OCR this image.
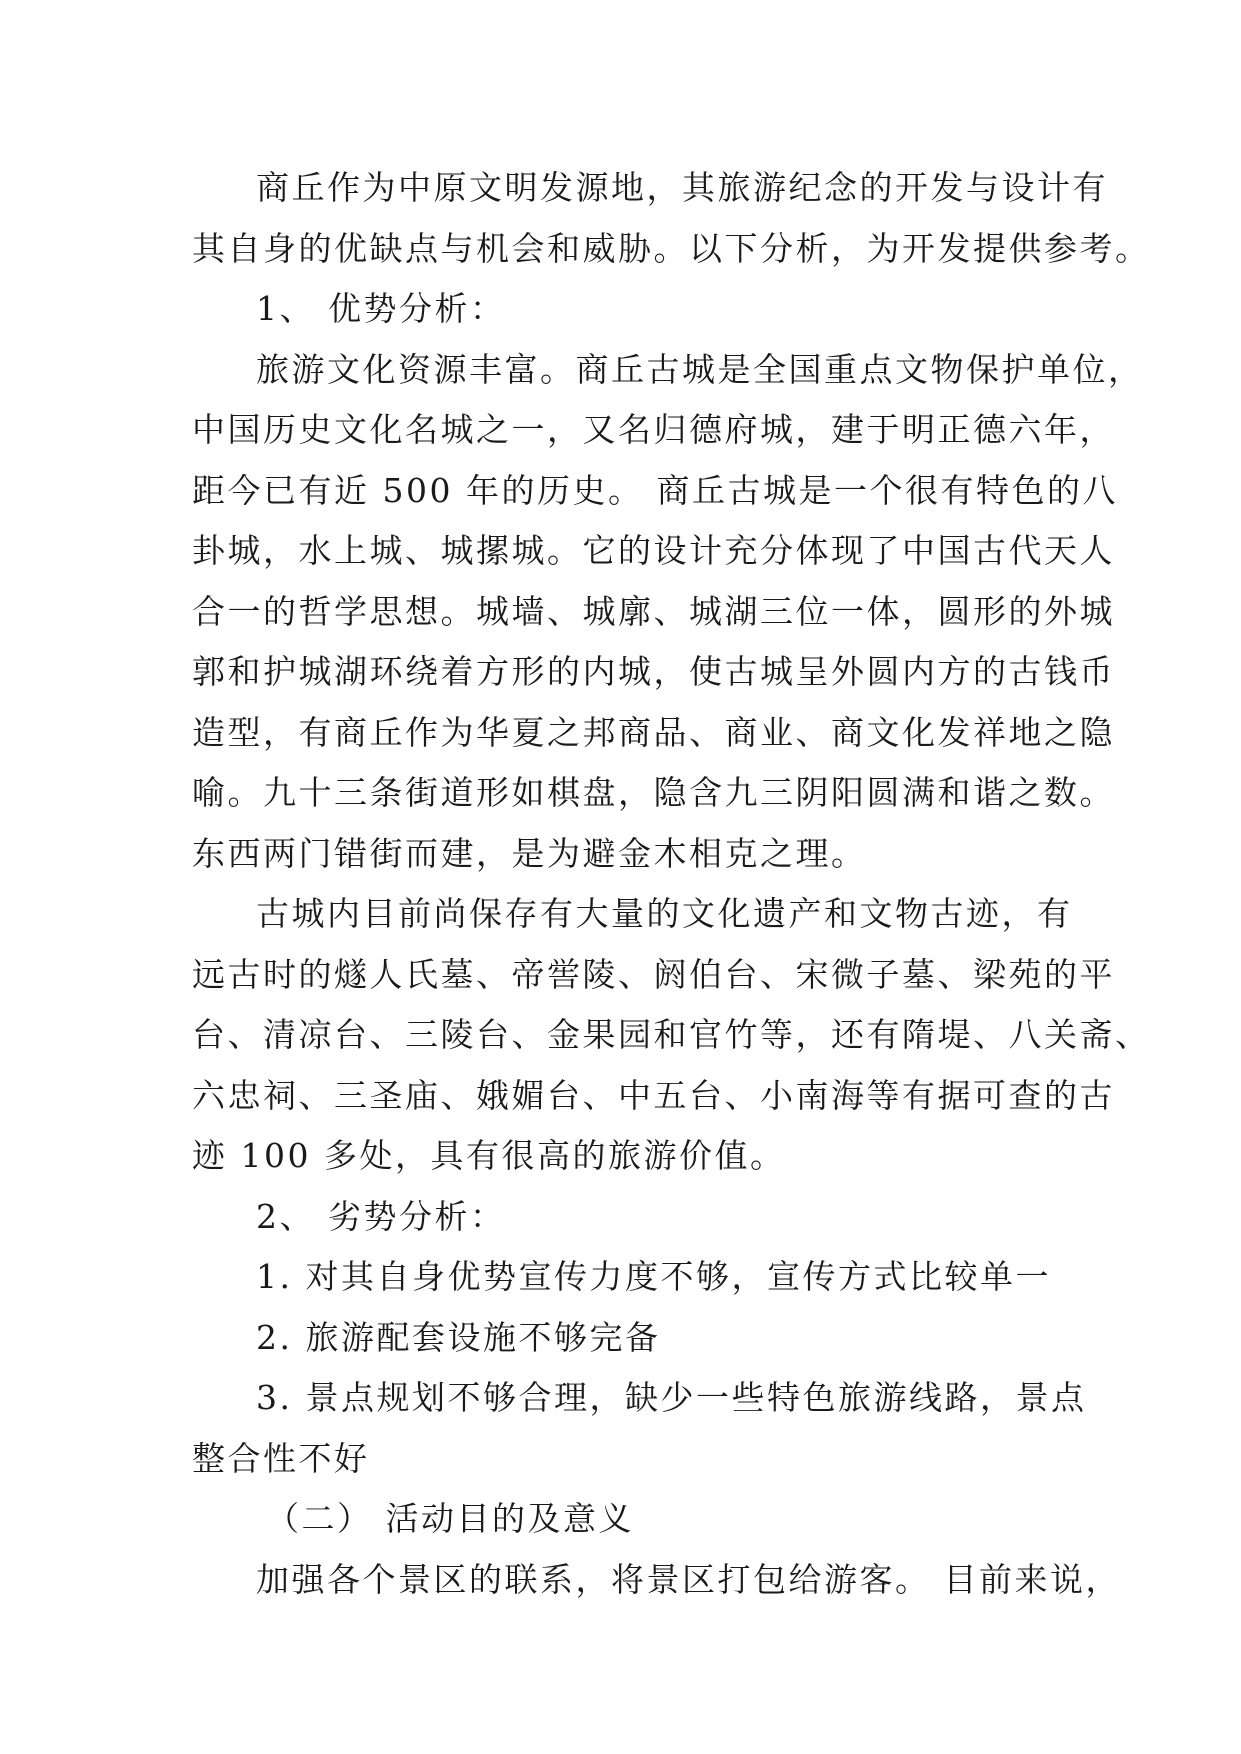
商丘作为中原文明发源地，其旅游纪念的开发与设计有
其自身的优缺点与机会和威胁。以下分析，为开发提供参考。
1、 优势分析：
旅游文化资源丰富。商丘古城是全国重点文物保护单位，
中国历史文化名城之一，又名归德府城，建于明正德六年，
距今已有近 500 年的历史。 商丘古城是一个很有特色的八
卦城，水上城、城摞城。它的设计充分体现了中国古代天人
合一的哲学思想。城墙、城廓、城湖三位一体，圆形的外城
郭和护城湖环绕着方形的内城，使古城呈外圆内方的古钱币
造型，有商丘作为华夏之邦商品、商业、商文化发祥地之隐
喻。九十三条街道形如棋盘，隐含九三阴阳圆满和谐之数。
东西两门错街而建，是为避金木相克之理。
古城内目前尚保存有大量的文化遗产和文物古迹，有
远古时的燧人氏墓、帝喾陵、阏伯台、宋微子墓、梁苑的平
台、清凉台、三陵台、金果园和官竹等，还有隋堤、八关斋、
六忠祠、三圣庙、娥媚台、中五台、小南海等有据可查的古
迹 100 多处，具有很高的旅游价值。
2、 劣势分析：
1. 对其自身优势宣传力度不够，宣传方式比较单一
2. 旅游配套设施不够完备
3. 景点规划不够合理，缺少一些特色旅游线路，景点
整合性不好
（二） 活动目的及意义
加强各个景区的联系，将景区打包给游客。 目前来说，
